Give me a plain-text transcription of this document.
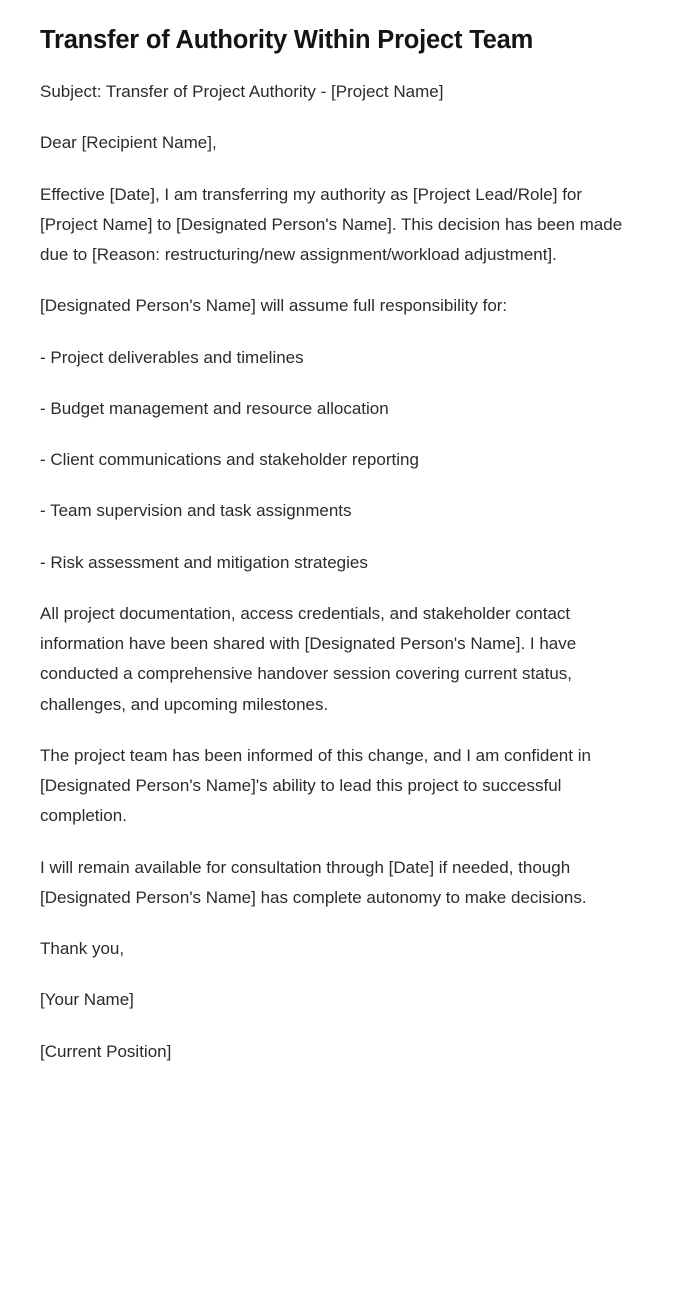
Transfer of Authority Within Project Team

Subject: Transfer of Project Authority - [Project Name]

Dear [Recipient Name],

Effective [Date], I am transferring my authority as [Project Lead/Role] for [Project Name] to [Designated Person's Name]. This decision has been made due to [Reason: restructuring/new assignment/workload adjustment].

[Designated Person's Name] will assume full responsibility for:

- Project deliverables and timelines

- Budget management and resource allocation

- Client communications and stakeholder reporting

- Team supervision and task assignments

- Risk assessment and mitigation strategies

All project documentation, access credentials, and stakeholder contact information have been shared with [Designated Person's Name]. I have conducted a comprehensive handover session covering current status, challenges, and upcoming milestones.

The project team has been informed of this change, and I am confident in [Designated Person's Name]'s ability to lead this project to successful completion.

I will remain available for consultation through [Date] if needed, though [Designated Person's Name] has complete autonomy to make decisions.

Thank you,

[Your Name]

[Current Position]
